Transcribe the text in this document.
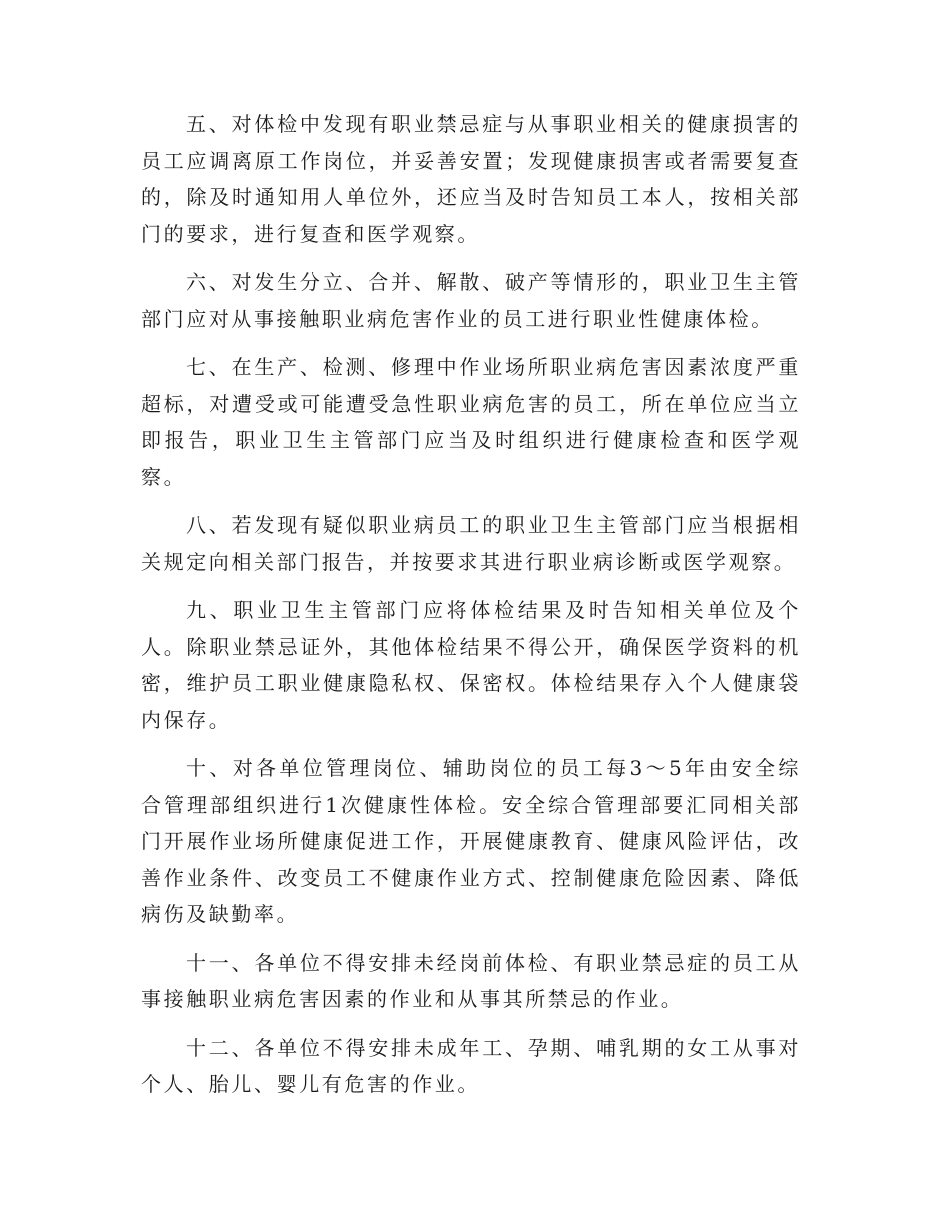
五、对体检中发现有职业禁忌症与从事职业相关的健康损害的员工应调离原工作岗位，并妥善安置；发现健康损害或者需要复查的，除及时通知用人单位外，还应当及时告知员工本人，按相关部门的要求，进行复查和医学观察。

六、对发生分立、合并、解散、破产等情形的，职业卫生主管部门应对从事接触职业病危害作业的员工进行职业性健康体检。

七、在生产、检测、修理中作业场所职业病危害因素浓度严重超标，对遭受或可能遭受急性职业病危害的员工，所在单位应当立即报告，职业卫生主管部门应当及时组织进行健康检查和医学观察。

八、若发现有疑似职业病员工的职业卫生主管部门应当根据相关规定向相关部门报告，并按要求其进行职业病诊断或医学观察。

九、职业卫生主管部门应将体检结果及时告知相关单位及个人。除职业禁忌证外，其他体检结果不得公开，确保医学资料的机密，维护员工职业健康隐私权、保密权。体检结果存入个人健康袋内保存。

十、对各单位管理岗位、辅助岗位的员工每3～5年由安全综合管理部组织进行1次健康性体检。安全综合管理部要汇同相关部门开展作业场所健康促进工作，开展健康教育、健康风险评估，改善作业条件、改变员工不健康作业方式、控制健康危险因素、降低病伤及缺勤率。

十一、各单位不得安排未经岗前体检、有职业禁忌症的员工从事接触职业病危害因素的作业和从事其所禁忌的作业。

十二、各单位不得安排未成年工、孕期、哺乳期的女工从事对个人、胎儿、婴儿有危害的作业。
